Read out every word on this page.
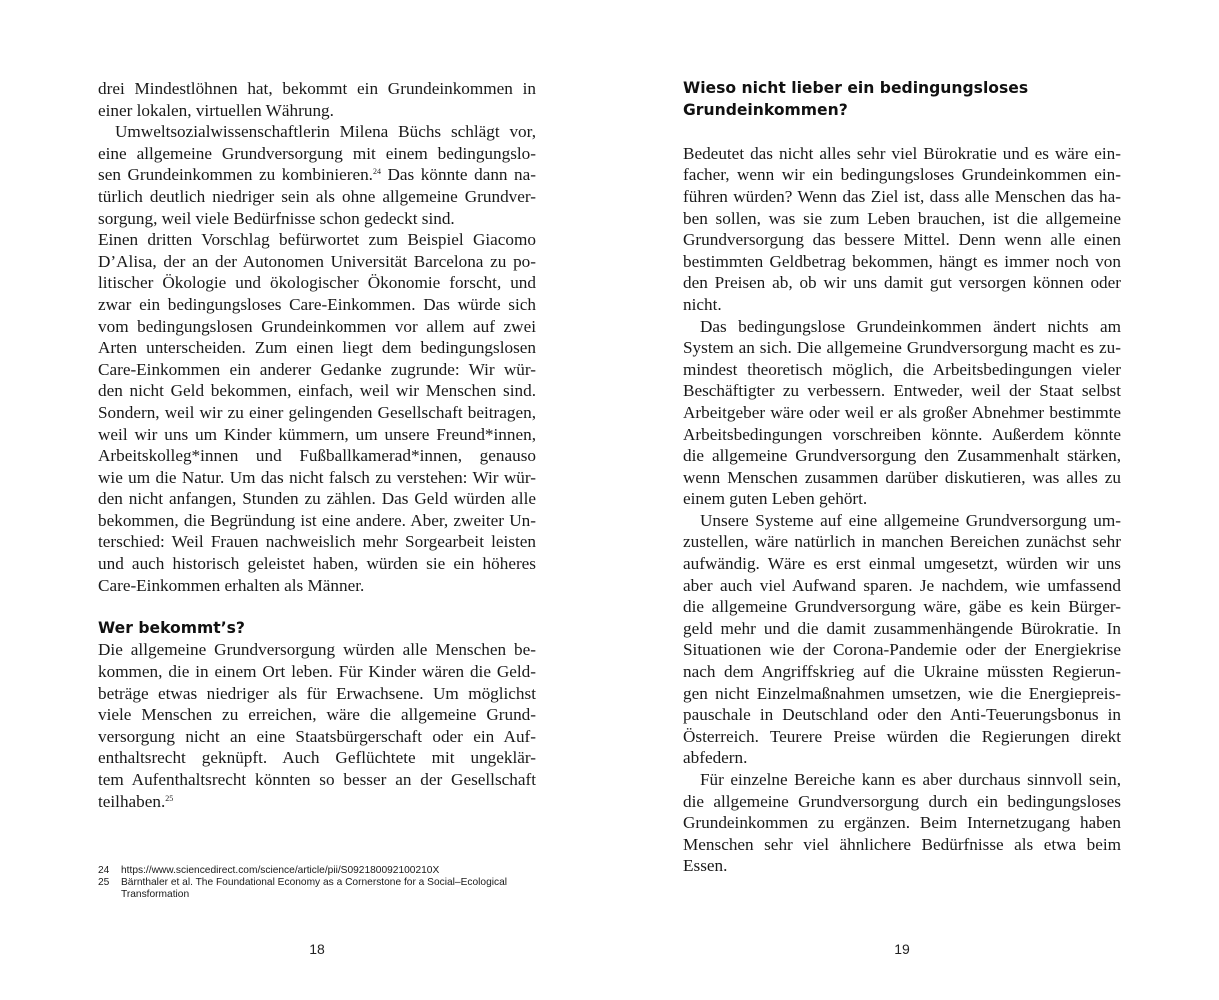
drei Mindestlöhnen hat, bekommt ein Grundeinkommen in
einer lokalen, virtuellen Währung.
Umweltsozialwissenschaftlerin Milena Büchs schlägt vor,
eine allgemeine Grundversorgung mit einem bedingungslo-
sen Grundeinkommen zu kombinieren.$^{24}$ Das könnte dann na-
türlich deutlich niedriger sein als ohne allgemeine Grundver-
sorgung, weil viele Bedürfnisse schon gedeckt sind.
Einen dritten Vorschlag befürwortet zum Beispiel Giacomo
D’Alisa, der an der Autonomen Universität Barcelona zu po-
litischer Ökologie und ökologischer Ökonomie forscht, und
zwar ein bedingungsloses Care-Einkommen. Das würde sich
vom bedingungslosen Grundeinkommen vor allem auf zwei
Arten unterscheiden. Zum einen liegt dem bedingungslosen
Care-Einkommen ein anderer Gedanke zugrunde: Wir wür-
den nicht Geld bekommen, einfach, weil wir Menschen sind.
Sondern, weil wir zu einer gelingenden Gesellschaft beitragen,
weil wir uns um Kinder kümmern, um unsere Freund*innen,
Arbeitskolleg*innen und Fußballkamerad*innen, genauso
wie um die Natur. Um das nicht falsch zu verstehen: Wir wür-
den nicht anfangen, Stunden zu zählen. Das Geld würden alle
bekommen, die Begründung ist eine andere. Aber, zweiter Un-
terschied: Weil Frauen nachweislich mehr Sorgearbeit leisten
und auch historisch geleistet haben, würden sie ein höheres
Care-Einkommen erhalten als Männer.
Wer bekommt’s?
Die allgemeine Grundversorgung würden alle Menschen be-
kommen, die in einem Ort leben. Für Kinder wären die Geld-
beträge etwas niedriger als für Erwachsene. Um möglichst
viele Menschen zu erreichen, wäre die allgemeine Grund-
versorgung nicht an eine Staatsbürgerschaft oder ein Auf-
enthaltsrecht geknüpft. Auch Geflüchtete mit ungeklär-
tem Aufenthaltsrecht könnten so besser an der Gesellschaft
teilhaben.$^{25}$
24	https://www.sciencedirect.com/science/article/pii/S092180092100210X
25	Bärnthaler et al. The Foundational Economy as a Cornerstone for a Social–Ecological Transformation
18
Wieso nicht lieber ein bedingungsloses
Grundeinkommen?
Bedeutet das nicht alles sehr viel Bürokratie und es wäre ein-
facher, wenn wir ein bedingungsloses Grundeinkommen ein-
führen würden? Wenn das Ziel ist, dass alle Menschen das ha-
ben sollen, was sie zum Leben brauchen, ist die allgemeine
Grundversorgung das bessere Mittel. Denn wenn alle einen
bestimmten Geldbetrag bekommen, hängt es immer noch von
den Preisen ab, ob wir uns damit gut versorgen können oder
nicht.
Das bedingungslose Grundeinkommen ändert nichts am
System an sich. Die allgemeine Grundversorgung macht es zu-
mindest theoretisch möglich, die Arbeitsbedingungen vieler
Beschäftigter zu verbessern. Entweder, weil der Staat selbst
Arbeitgeber wäre oder weil er als großer Abnehmer bestimmte
Arbeitsbedingungen vorschreiben könnte. Außerdem könnte
die allgemeine Grundversorgung den Zusammenhalt stärken,
wenn Menschen zusammen darüber diskutieren, was alles zu
einem guten Leben gehört.
Unsere Systeme auf eine allgemeine Grundversorgung um-
zustellen, wäre natürlich in manchen Bereichen zunächst sehr
aufwändig. Wäre es erst einmal umgesetzt, würden wir uns
aber auch viel Aufwand sparen. Je nachdem, wie umfassend
die allgemeine Grundversorgung wäre, gäbe es kein Bürger-
geld mehr und die damit zusammenhängende Bürokratie. In
Situationen wie der Corona-Pandemie oder der Energiekrise
nach dem Angriffskrieg auf die Ukraine müssten Regierun-
gen nicht Einzelmaßnahmen umsetzen, wie die Energiepreis-
pauschale in Deutschland oder den Anti-Teuerungsbonus in
Österreich. Teurere Preise würden die Regierungen direkt
abfedern.
Für einzelne Bereiche kann es aber durchaus sinnvoll sein,
die allgemeine Grundversorgung durch ein bedingungsloses
Grundeinkommen zu ergänzen. Beim Internetzugang haben
Menschen sehr viel ähnlichere Bedürfnisse als etwa beim
Essen.
19
